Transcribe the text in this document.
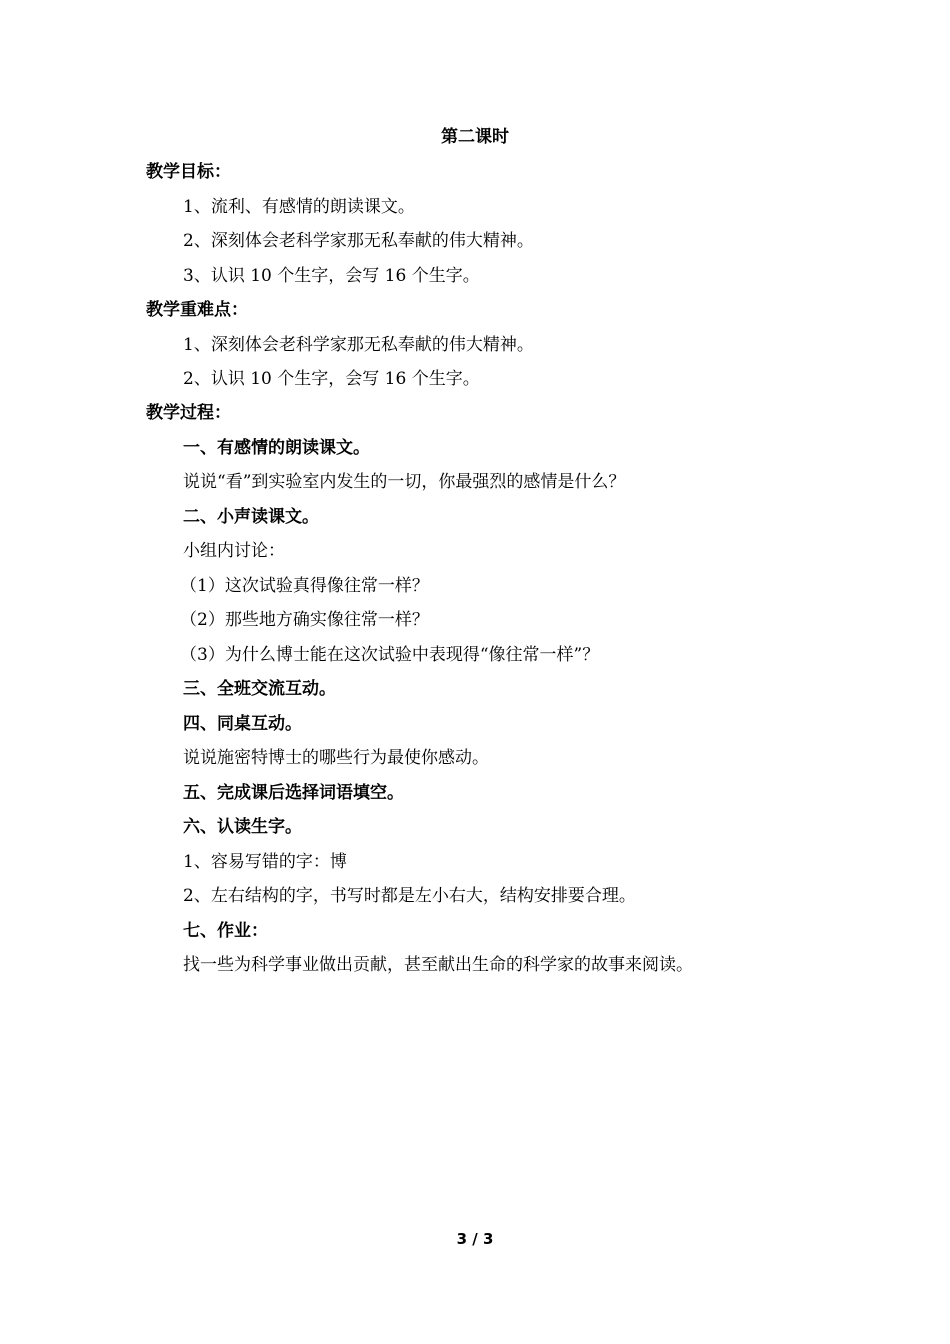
第二课时
教学目标：
1、流利、有感情的朗读课文。
2、深刻体会老科学家那无私奉献的伟大精神。
3、认识 10 个生字，会写 16 个生字。
教学重难点：
1、深刻体会老科学家那无私奉献的伟大精神。
2、认识 10 个生字，会写 16 个生字。
教学过程：
一、有感情的朗读课文。
说说“看”到实验室内发生的一切，你最强烈的感情是什么？
二、小声读课文。
小组内讨论：
（1）这次试验真得像往常一样？
（2）那些地方确实像往常一样？
（3）为什么博士能在这次试验中表现得“像往常一样”？
三、全班交流互动。
四、同桌互动。
说说施密特博士的哪些行为最使你感动。
五、完成课后选择词语填空。
六、认读生字。
1、容易写错的字：博
2、左右结构的字，书写时都是左小右大，结构安排要合理。
七、作业：
找一些为科学事业做出贡献，甚至献出生命的科学家的故事来阅读。
3 / 3
